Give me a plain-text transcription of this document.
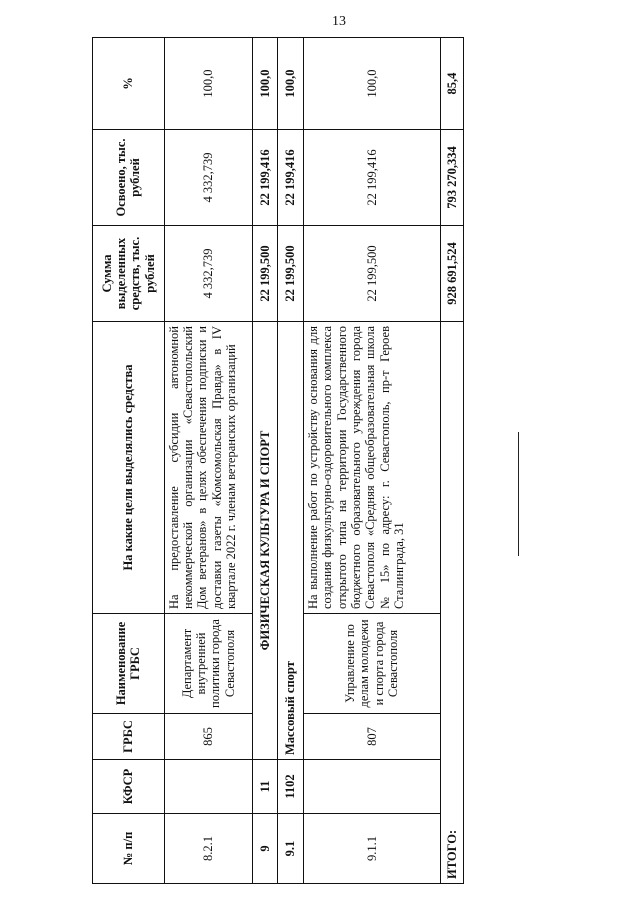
13
№ п/п	КФСР	ГРБС	Наименование ГРБС	На какие цели выделялись средства	Сумма выделенных средств, тыс. рублей	Освоено, тыс. рублей	%
8.2.1		865	Департамент внутренней политики города Севастополя	На предоставление субсидии автономной некоммерческой организации «Севастопольский Дом ветеранов» в целях обеспечения подписки и доставки газеты «Комсомольская Правда» в IV квартале 2022 г. членам ветеранских организаций	4 332,739	4 332,739	100,0
9	11	ФИЗИЧЕСКАЯ КУЛЬТУРА И СПОРТ			22 199,500	22 199,416	100,0
9.1	1102	Массовый спорт			22 199,500	22 199,416	100,0
9.1.1		807	Управление по делам молодежи и спорта города Севастополя	На выполнение работ по устройству основания для создания физкультурно-оздоровительного комплекса открытого типа на территории Государственного бюджетного образовательного учреждения города Севастополя «Средняя общеобразовательная школа № 15» по адресу: г. Севастополь, пр-т Героев Сталинграда, 31	22 199,500	22 199,416	100,0
ИТОГО:					928 691,524	793 270,334	85,4
